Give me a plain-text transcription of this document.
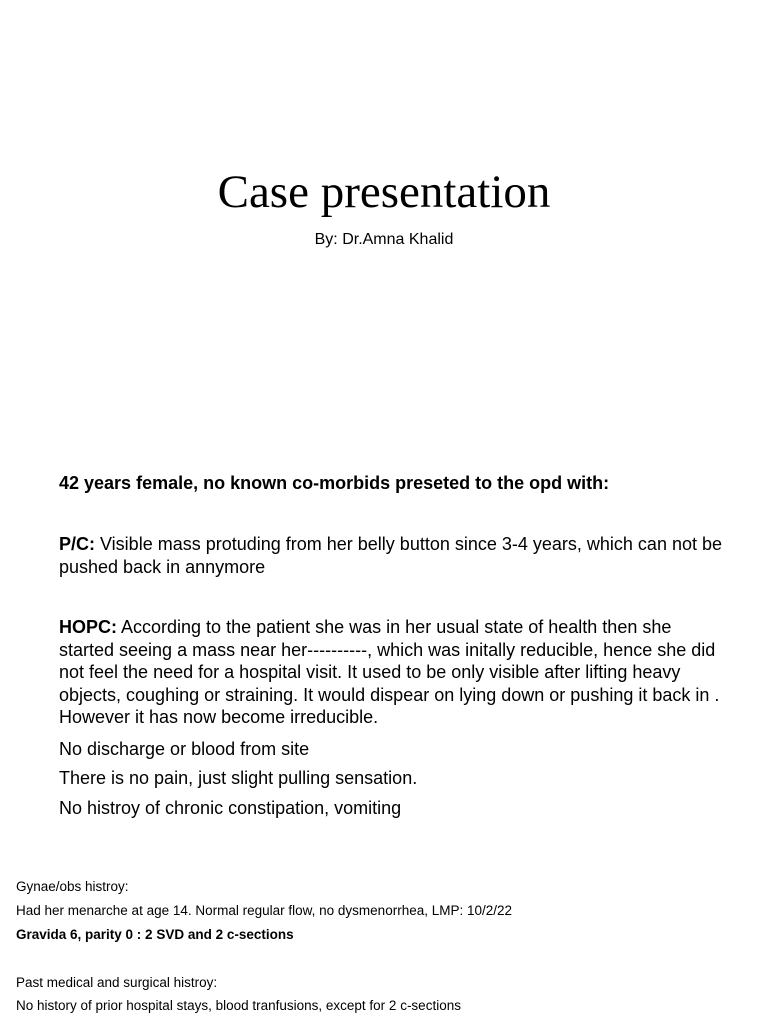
Case presentation
By: Dr.Amna Khalid
42 years female, no known co-morbids preseted to the opd with:
P/C: Visible mass protuding from her belly button since 3-4 years, which can not be pushed back in annymore
HOPC: According to the patient she was in her usual state of health then she started seeing a mass near her----------, which was initally reducible, hence she did not feel the need for a hospital visit. It used to be only visible after lifting heavy objects, coughing or straining. It would dispear on lying down or pushing it back in . However it has now become irreducible.
No discharge or blood from site
There is no pain, just slight pulling sensation.
No histroy of chronic constipation, vomiting
Gynae/obs histroy:
Had her menarche at age 14. Normal regular flow, no dysmenorrhea, LMP: 10/2/22
Gravida 6, parity 0 : 2 SVD and 2 c-sections
Past medical and surgical histroy:
No history of prior hospital stays, blood tranfusions, except for 2 c-sections
